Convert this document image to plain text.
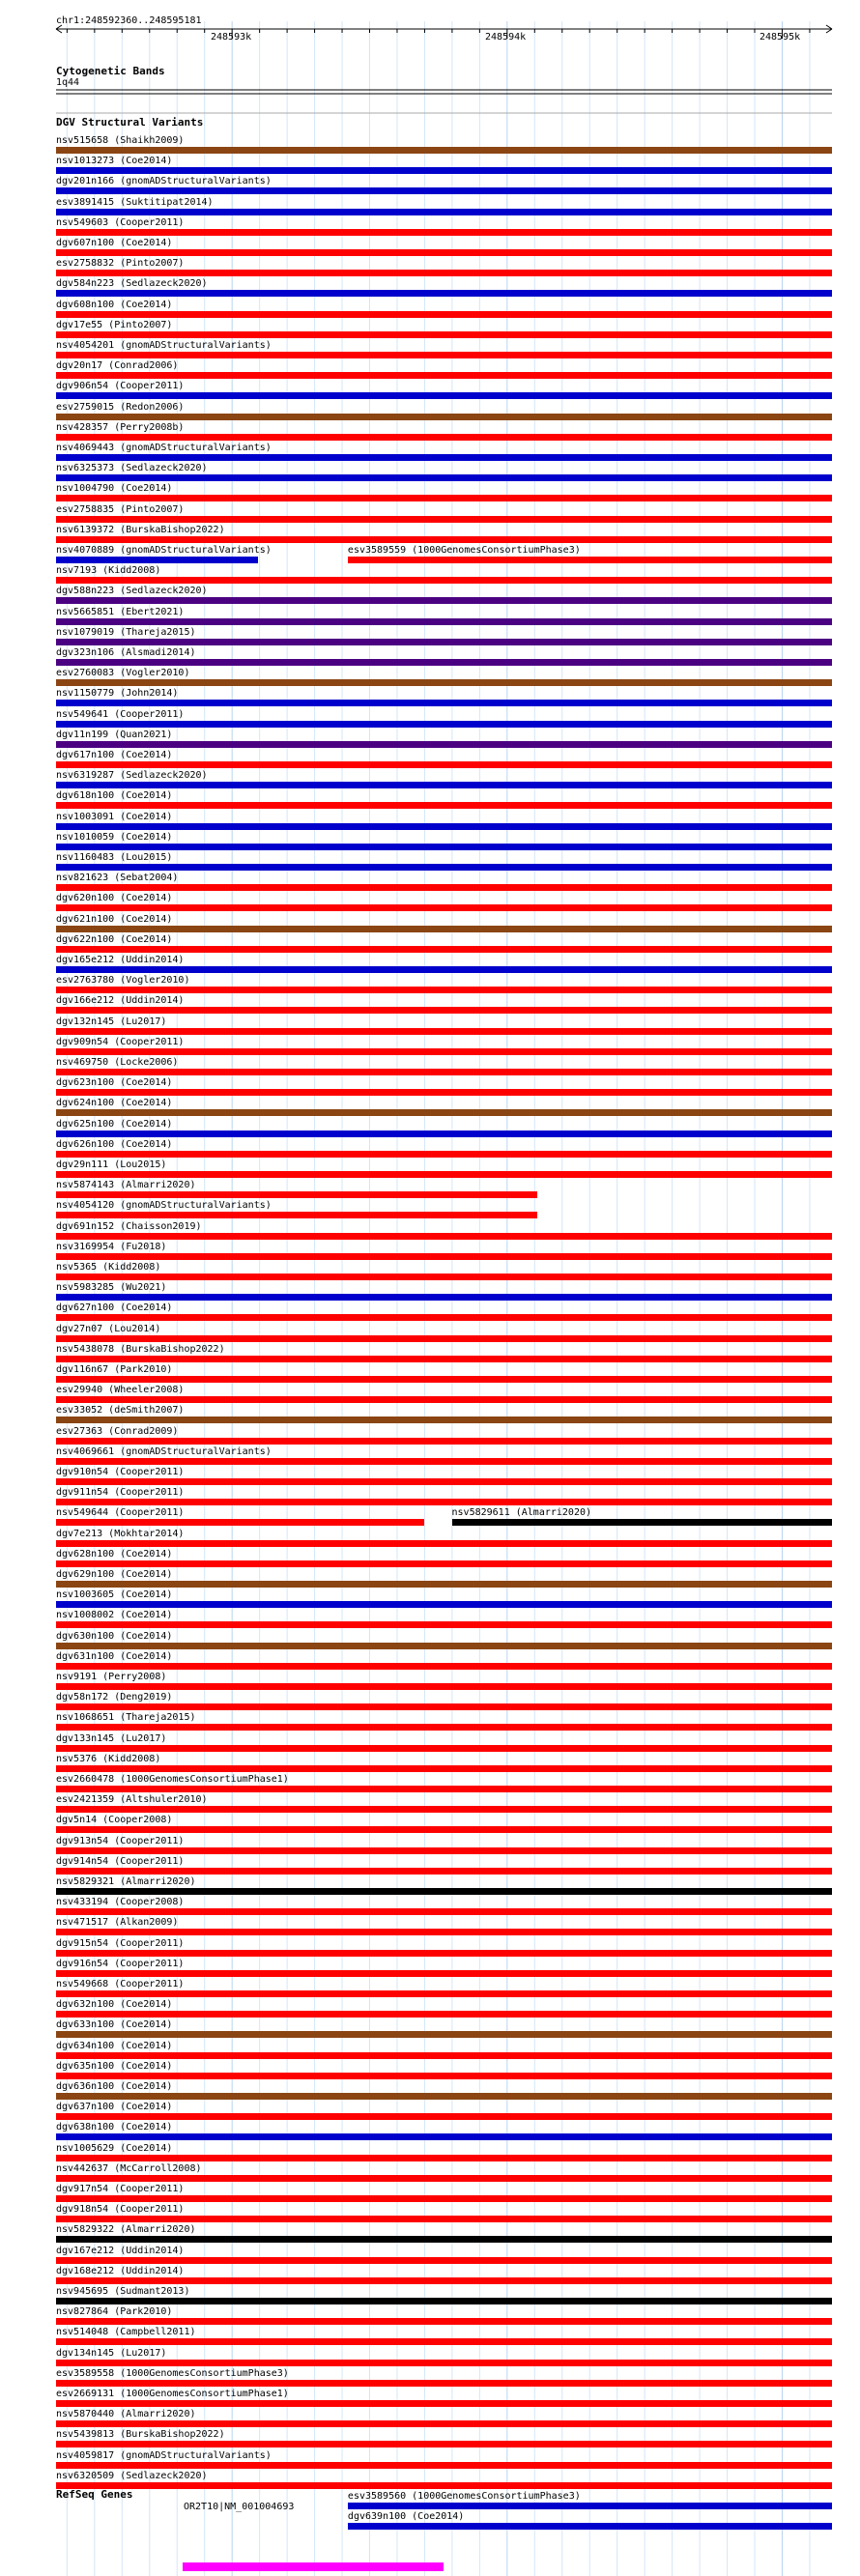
chr1:248592360..248595181
248593k	248594k	248595k
Cytogenetic Bands
1q44
DGV Structural Variants
nsv515658 (Shaikh2009)
nsv1013273 (Coe2014)
dgv201n166 (gnomADStructuralVariants)
esv3891415 (Suktitipat2014)
nsv549603 (Cooper2011)
dgv607n100 (Coe2014)
esv2758832 (Pinto2007)
dgv584n223 (Sedlazeck2020)
dgv608n100 (Coe2014)
dgv17e55 (Pinto2007)
nsv4054201 (gnomADStructuralVariants)
dgv20n17 (Conrad2006)
dgv906n54 (Cooper2011)
esv2759015 (Redon2006)
nsv428357 (Perry2008b)
nsv4069443 (gnomADStructuralVariants)
nsv6325373 (Sedlazeck2020)
nsv1004790 (Coe2014)
esv2758835 (Pinto2007)
nsv6139372 (BurskaBishop2022)
nsv4070889 (gnomADStructuralVariants)	esv3589559 (1000GenomesConsortiumPhase3)
nsv7193 (Kidd2008)
dgv588n223 (Sedlazeck2020)
nsv5665851 (Ebert2021)
nsv1079019 (Thareja2015)
dgv323n106 (Alsmadi2014)
esv2760083 (Vogler2010)
nsv1150779 (John2014)
nsv549641 (Cooper2011)
dgv11n199 (Quan2021)
dgv617n100 (Coe2014)
nsv6319287 (Sedlazeck2020)
dgv618n100 (Coe2014)
nsv1003091 (Coe2014)
nsv1010059 (Coe2014)
nsv1160483 (Lou2015)
nsv821623 (Sebat2004)
dgv620n100 (Coe2014)
dgv621n100 (Coe2014)
dgv622n100 (Coe2014)
dgv165e212 (Uddin2014)
esv2763780 (Vogler2010)
dgv166e212 (Uddin2014)
dgv132n145 (Lu2017)
dgv909n54 (Cooper2011)
nsv469750 (Locke2006)
dgv623n100 (Coe2014)
dgv624n100 (Coe2014)
dgv625n100 (Coe2014)
dgv626n100 (Coe2014)
dgv29n111 (Lou2015)
nsv5874143 (Almarri2020)
nsv4054120 (gnomADStructuralVariants)
dgv691n152 (Chaisson2019)
nsv3169954 (Fu2018)
nsv5365 (Kidd2008)
nsv5983285 (Wu2021)
dgv627n100 (Coe2014)
dgv27n07 (Lou2014)
nsv5438078 (BurskaBishop2022)
dgv116n67 (Park2010)
esv29940 (Wheeler2008)
esv33052 (deSmith2007)
esv27363 (Conrad2009)
nsv4069661 (gnomADStructuralVariants)
dgv910n54 (Cooper2011)
dgv911n54 (Cooper2011)
nsv549644 (Cooper2011)	nsv5829611 (Almarri2020)
dgv7e213 (Mokhtar2014)
dgv628n100 (Coe2014)
dgv629n100 (Coe2014)
nsv1003605 (Coe2014)
nsv1008002 (Coe2014)
dgv630n100 (Coe2014)
dgv631n100 (Coe2014)
nsv9191 (Perry2008)
dgv58n172 (Deng2019)
nsv1068651 (Thareja2015)
dgv133n145 (Lu2017)
nsv5376 (Kidd2008)
esv2660478 (1000GenomesConsortiumPhase1)
esv2421359 (Altshuler2010)
dgv5n14 (Cooper2008)
dgv913n54 (Cooper2011)
dgv914n54 (Cooper2011)
nsv5829321 (Almarri2020)
nsv433194 (Cooper2008)
nsv471517 (Alkan2009)
dgv915n54 (Cooper2011)
dgv916n54 (Cooper2011)
nsv549668 (Cooper2011)
dgv632n100 (Coe2014)
dgv633n100 (Coe2014)
dgv634n100 (Coe2014)
dgv635n100 (Coe2014)
dgv636n100 (Coe2014)
dgv637n100 (Coe2014)
dgv638n100 (Coe2014)
nsv1005629 (Coe2014)
nsv442637 (McCarroll2008)
dgv917n54 (Cooper2011)
dgv918n54 (Cooper2011)
nsv5829322 (Almarri2020)
dgv167e212 (Uddin2014)
dgv168e212 (Uddin2014)
nsv945695 (Sudmant2013)
nsv827864 (Park2010)
nsv514048 (Campbell2011)
dgv134n145 (Lu2017)
esv3589558 (1000GenomesConsortiumPhase3)
esv2669131 (1000GenomesConsortiumPhase1)
nsv5870440 (Almarri2020)
nsv5439813 (BurskaBishop2022)
nsv4059817 (gnomADStructuralVariants)
nsv6320509 (Sedlazeck2020)
esv3589560 (1000GenomesConsortiumPhase3)
dgv639n100 (Coe2014)
RefSeq Genes
OR2T10|NM_001004693
